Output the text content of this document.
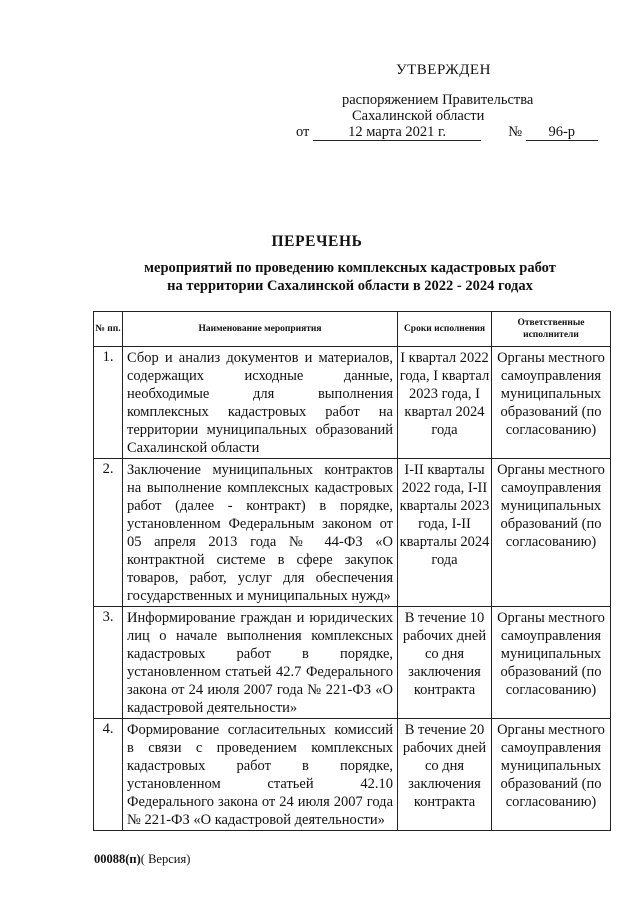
УТВЕРЖДЕН
распоряжением Правительства
Сахалинской области
от	12 марта 2021 г.	№ 96-р
ПЕРЕЧЕНЬ
мероприятий по проведению комплексных кадастровых работ
на территории Сахалинской области в 2022 - 2024 годах
№ пп.	Наименование мероприятия	Сроки исполнения	Ответственные исполнители
1.	Сбор и анализ документов и материалов, содержащих исходные данные, необходимые для выполнения комплексных кадастровых работ на территории муниципальных образований Сахалинской области	I квартал 2022 года, I квартал 2023 года, I квартал 2024 года	Органы местного самоуправления муниципальных образований (по согласованию)
2.	Заключение муниципальных контрактов на выполнение комплексных кадастровых работ (далее - контракт) в порядке, установленном Федеральным законом от 05 апреля 2013 года № 44-ФЗ «О контрактной системе в сфере закупок товаров, работ, услуг для обеспечения государственных и муниципальных нужд»	I-II кварталы 2022 года, I-II кварталы 2023 года, I-II кварталы 2024 года	Органы местного самоуправления муниципальных образований (по согласованию)
3.	Информирование граждан и юридических лиц о начале выполнения комплексных кадастровых работ в порядке, установленном статьей 42.7 Федерального закона от 24 июля 2007 года № 221-ФЗ «О кадастровой деятельности»	В течение 10 рабочих дней со дня заключения контракта	Органы местного самоуправления муниципальных образований (по согласованию)
4.	Формирование согласительных комиссий в связи с проведением комплексных кадастровых работ в порядке, установленном статьей 42.10 Федерального закона от 24 июля 2007 года № 221-ФЗ «О кадастровой деятельности»	В течение 20 рабочих дней со дня заключения контракта	Органы местного самоуправления муниципальных образований (по согласованию)
00088(п)( Версия)
